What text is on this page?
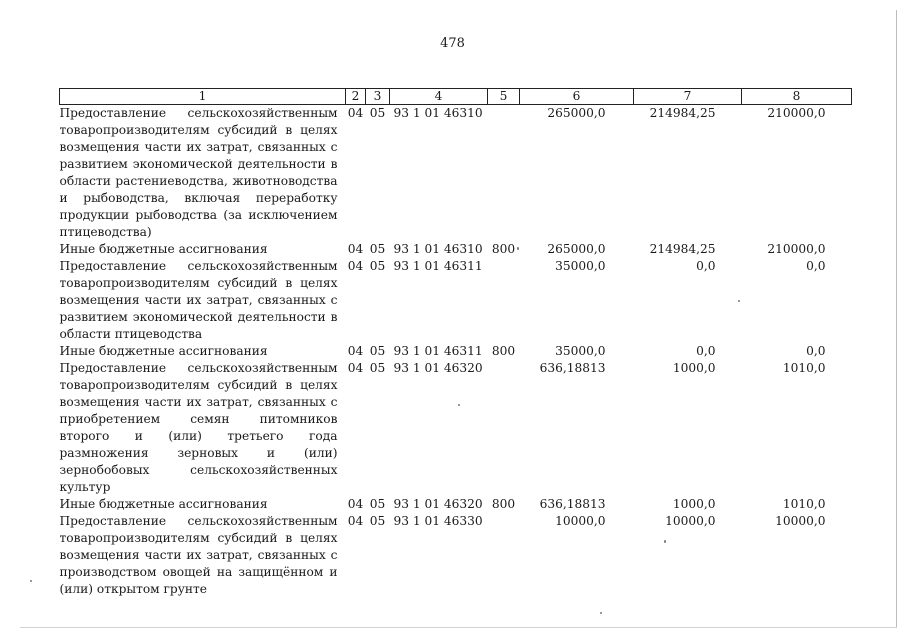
478
1	2	3	4	5	6	7	8
Предоставление сельскохозяйственным товаропроизводителям субсидий в целях возмещения части их затрат, связанных с развитием экономической деятельности в области растениеводства, животноводства и рыбоводства, включая переработку продукции рыбоводства (за исключением птицеводства)	04	05	93 1 01 46310		265000,0	214984,25	210000,0
Иные бюджетные ассигнования	04	05	93 1 01 46310	800	265000,0	214984,25	210000,0
Предоставление сельскохозяйственным товаропроизводителям субсидий в целях возмещения части их затрат, связанных с развитием экономической деятельности в области птицеводства	04	05	93 1 01 46311		35000,0	0,0	0,0
Иные бюджетные ассигнования	04	05	93 1 01 46311	800	35000,0	0,0	0,0
Предоставление сельскохозяйственным товаропроизводителям субсидий в целях возмещения части их затрат, связанных с приобретением семян питомников второго и (или) третьего года размножения зерновых и (или) зернобобовых сельскохозяйственных культур	04	05	93 1 01 46320		636,18813	1000,0	1010,0
Иные бюджетные ассигнования	04	05	93 1 01 46320	800	636,18813	1000,0	1010,0
Предоставление сельскохозяйственным товаропроизводителям субсидий в целях возмещения части их затрат, связанных с производством овощей на защищённом и (или) открытом грунте	04	05	93 1 01 46330		10000,0	10000,0	10000,0
